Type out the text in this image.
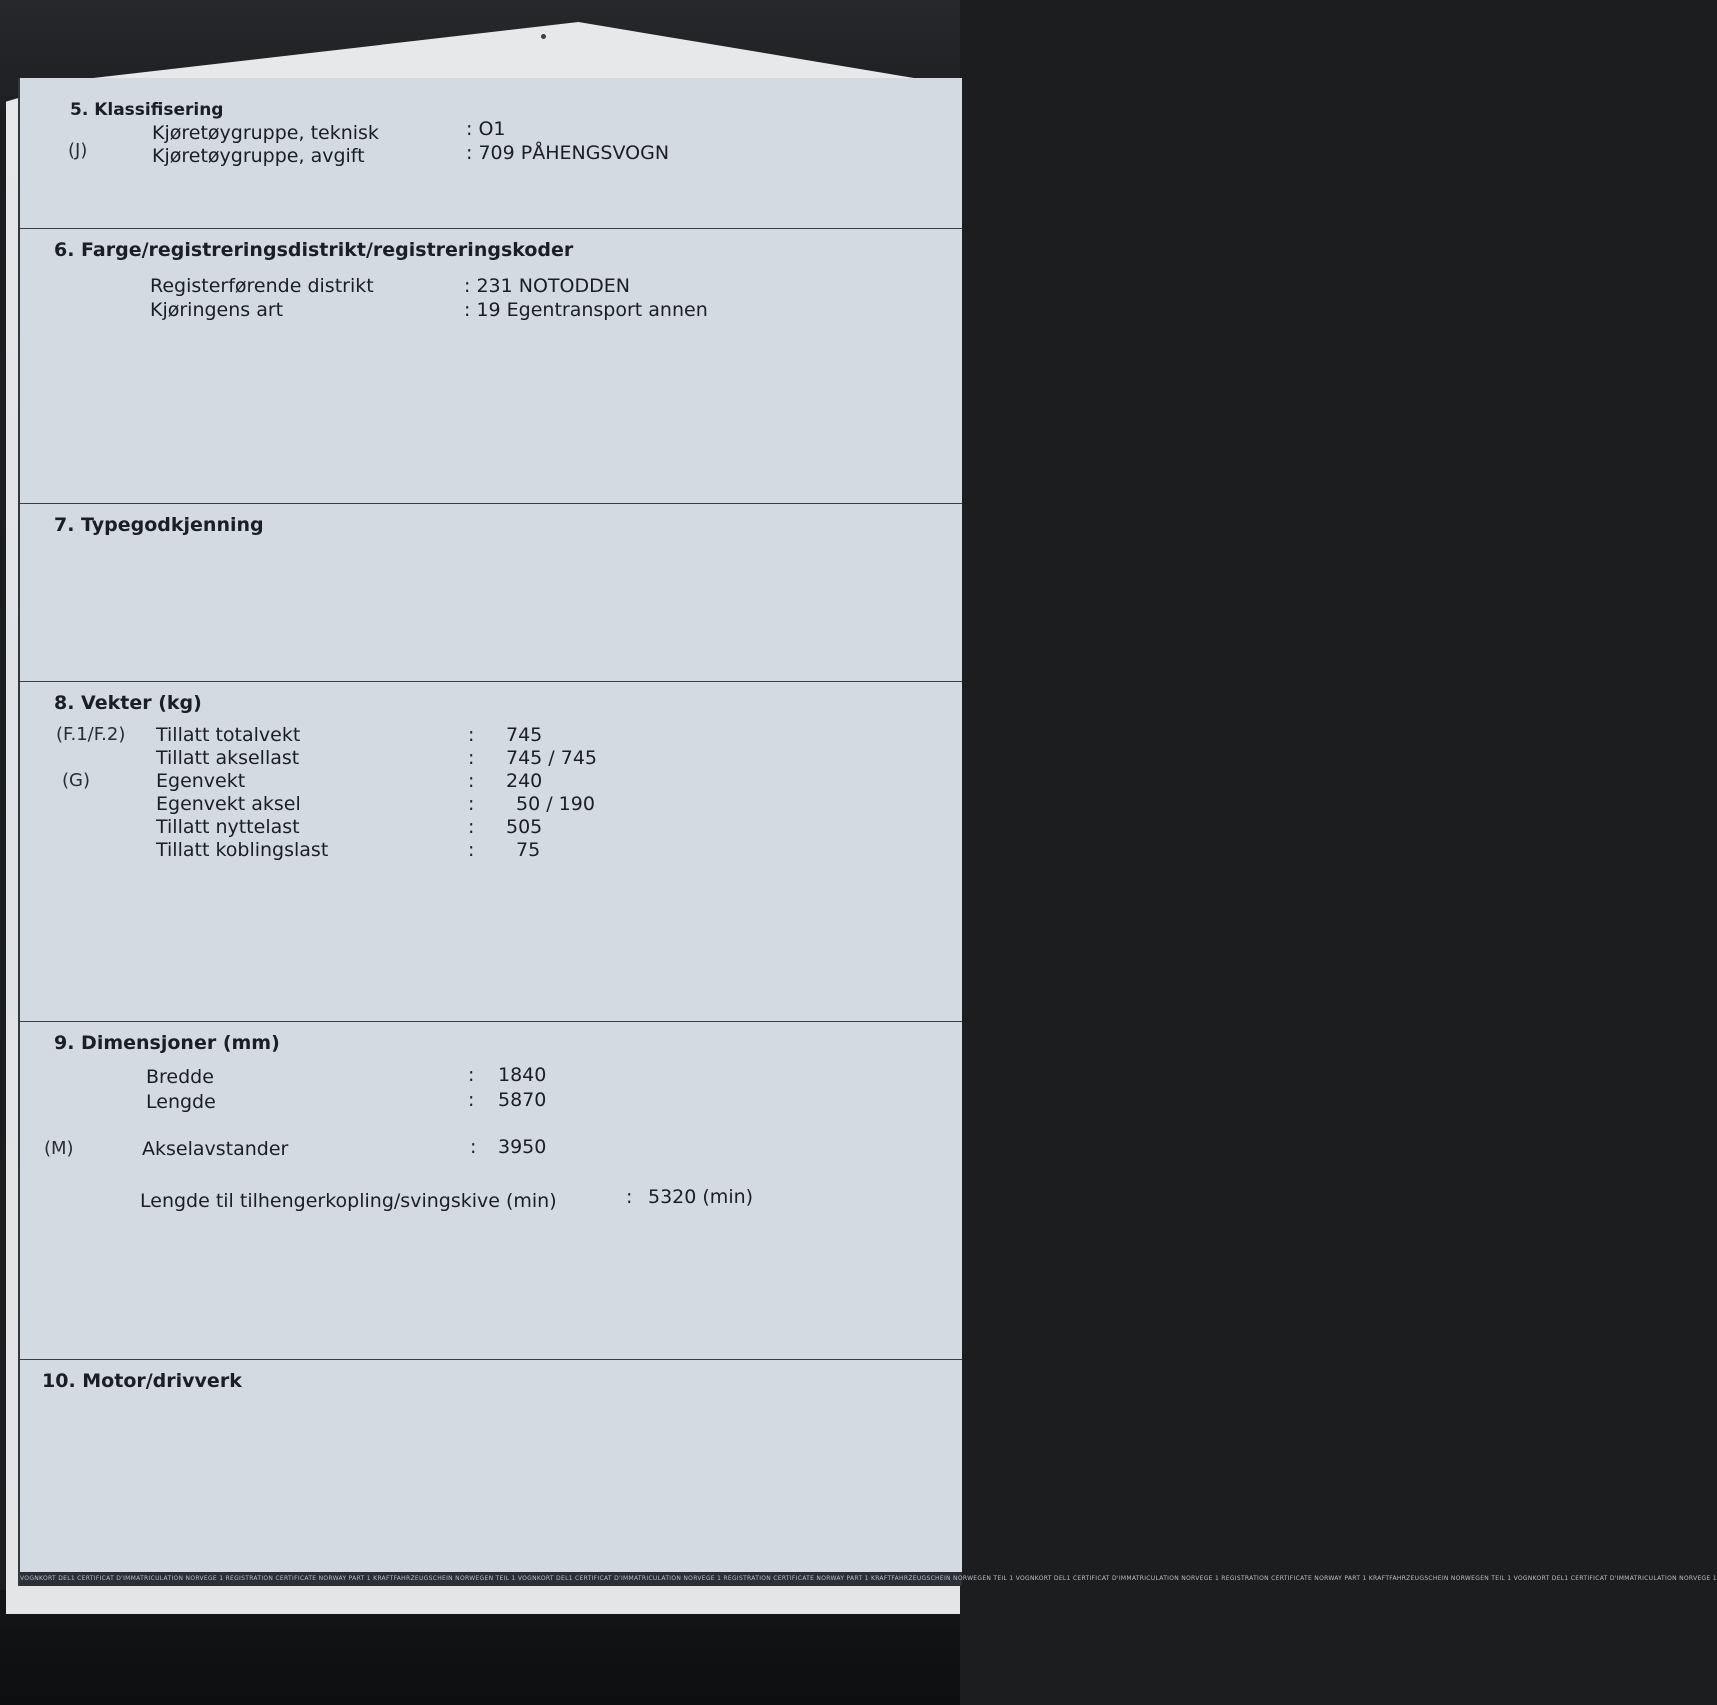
5. Klassifisering
(J)
Kjøretøygruppe, teknisk	: O1
Kjøretøygruppe, avgift	: 709 PÅHENGSVOGN
6. Farge/registreringsdistrikt/registreringskoder
Registerførende distrikt	: 231 NOTODDEN
Kjøringens art	: 19 Egentransport annen
7. Typegodkjenning
8. Vekter (kg)
(F.1/F.2) Tillatt totalvekt	: 745
Tillatt aksellast	: 745 / 745
(G)	Egenvekt	: 240
Egenvekt aksel	: 50 / 190
Tillatt nyttelast	: 505
Tillatt koblingslast	: 75
9. Dimensjoner (mm)
Bredde	: 1840
Lengde	: 5870
(M)	Akselavstander	: 3950
Lengde til tilhengerkopling/svingskive (min)	: 5320 (min)
10. Motor/drivverk
VOGNKORT DEL1 CERTIFICAT D'IMMATRICULATION NORVEGE 1 REGISTRATION CERTIFICATE NORWAY PART 1 KRAFTFAHRZEUGSCHEIN NORWEGEN TEIL 1 VOGNKORT DEL1 CERTIFICAT D'IMMATRICULATION NORVEGE 1 REGISTRATION CERTIFICATE NORWAY PART 1 KRAFTFAHRZEUGSCHEIN NORWEGEN TEIL 1 VOGNKORT DEL1 CERTIFICAT D'IMMATRICULATION NORVEGE 1 REGISTRATION CERTIFICATE NORWAY PART 1 KRAFTFAHRZEUGSCHEIN NORWEGEN TEIL 1 VOGNKORT DEL1 CERTIFICAT D'IMMATRICULATION NORVEGE 1
